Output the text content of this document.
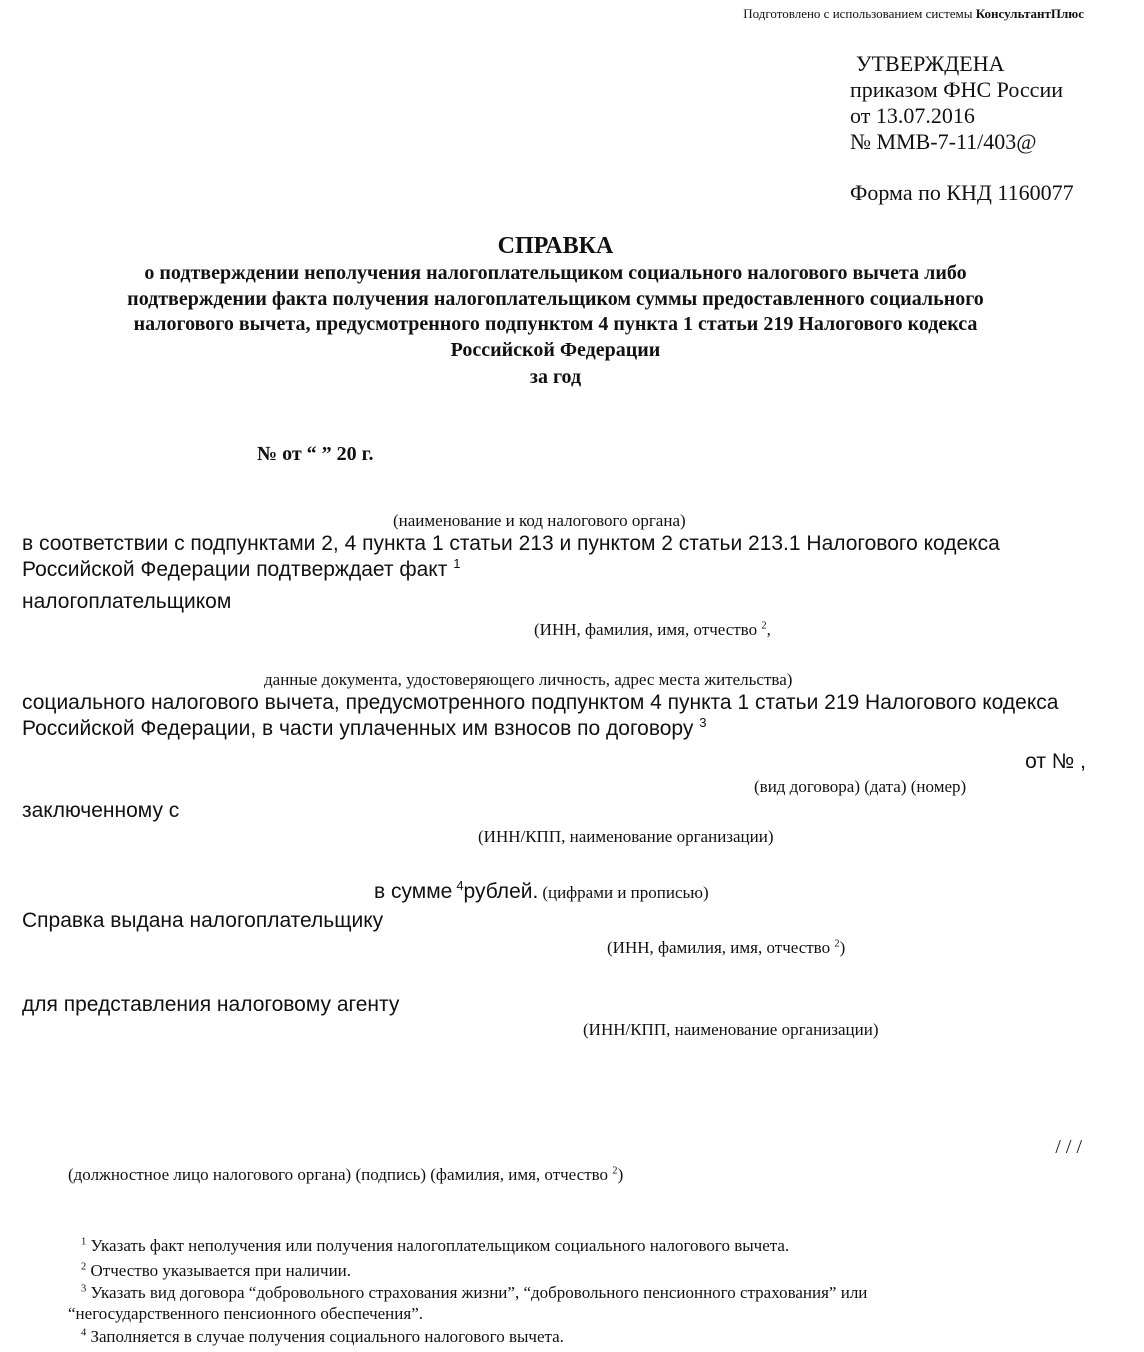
Подготовлено с использованием системы КонсультантПлюс
УТВЕРЖДЕНА
приказом ФНС России
от 13.07.2016
№ ММВ-7-11/403@
Форма по КНД 1160077
СПРАВКА
о подтверждении неполучения налогоплательщиком социального налогового вычета либо
подтверждении факта получения налогоплательщиком суммы предоставленного социального
налогового вычета, предусмотренного подпунктом 4 пункта 1 статьи 219 Налогового кодекса
Российской Федерации
за год
№ от “ ” 20 г.
(наименование и код налогового органа)
в соответствии с подпунктами 2, 4 пункта 1 статьи 213 и пунктом 2 статьи 213.1 Налогового кодекса
Российской Федерации подтверждает факт $^1$
налогоплательщиком
(ИНН, фамилия, имя, отчество $^2$,
данные документа, удостоверяющего личность, адрес места жительства)
социального налогового вычета, предусмотренного подпунктом 4 пункта 1 статьи 219 Налогового кодекса
Российской Федерации, в части уплаченных им взносов по договору $^3$
от № ,
(вид договора) (дата) (номер)
заключенному с
(ИНН/КПП, наименование организации)
в сумме $^4$рублей. (цифрами и прописью)
Справка выдана налогоплательщику
(ИНН, фамилия, имя, отчество $^2$)
для представления налоговому агенту
(ИНН/КПП, наименование организации)
/ / /
(должностное лицо налогового органа) (подпись) (фамилия, имя, отчество $^2$)
$^1$ Указать факт неполучения или получения налогоплательщиком социального налогового вычета.
$^2$ Отчество указывается при наличии.
$^3$ Указать вид договора “добровольного страхования жизни”, “добровольного пенсионного страхования” или
“негосударственного пенсионного обеспечения”.
$^4$ Заполняется в случае получения социального налогового вычета.
